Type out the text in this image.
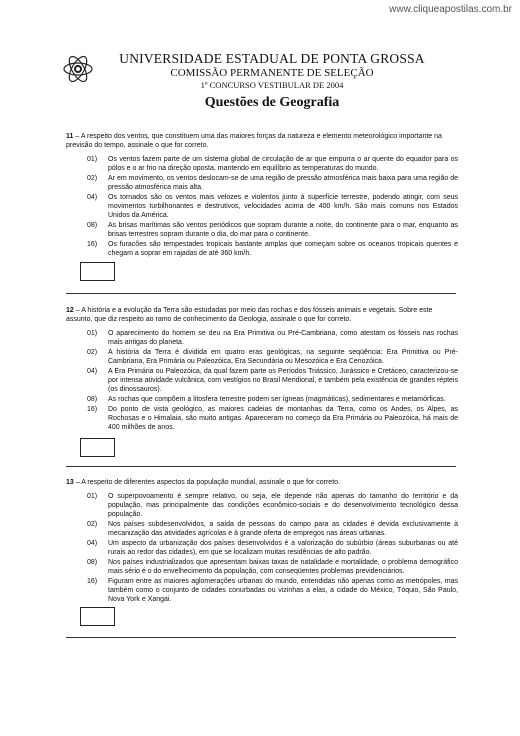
www.cliqueapostilas.com.br
UNIVERSIDADE ESTADUAL DE PONTA GROSSA
COMISSÃO PERMANENTE DE SELEÇÃO
1º CONCURSO VESTIBULAR DE 2004
Questões de Geografia

11 – A respeito dos ventos, que constituem uma das maiores forças da natureza e elemento meteorológico importante na previsão do tempo, assinale o que for correto.

01)	Os ventos fazem parte de um sistema global de circulação de ar que empurra o ar quente do equador para os pólos e o ar frio na direção oposta, mantendo em equilíbrio as temperaturas do mundo.
02)	Ar em movimento, os ventos deslocam-se de uma região de pressão atmosférica mais baixa para uma região de pressão atmosférica mais alta.
04)	Os tornados são os ventos mais velozes e violentos junto à superfície terrestre, podendo atingir, com seus movimentos turbilhonantes e destrutivos, velocidades acima de 400 km/h. São mais comuns nos Estados Unidos da América.
08)	As brisas marítimas são ventos periódicos que sopram durante a noite, do continente para o mar, enquanto as brisas terrestres sopram durante o dia, do mar para o continente.
16)	Os furacões são tempestades tropicais bastante amplas que começam sobre os oceanos tropicais quentes e chegam a soprar em rajadas de até 360 km/h.

12 – A história e a evolução da Terra são estudadas por meio das rochas e dos fósseis animais e vegetais. Sobre este assunto, que diz respeito ao ramo de conhecimento da Geologia, assinale o que for correto.

01)	O aparecimento do homem se deu na Era Primitiva ou Pré-Cambriana, como atestam os fósseis nas rochas mais antigas do planeta.
02)	A história da Terra é dividida em quatro eras geológicas, na seguinte seqüência: Era Primitiva ou Pré-Cambriana, Era Primária ou Paleozóica, Era Secundária ou Mesozóica e Era Cenozóica.
04)	A Era Primária ou Paleozóica, da qual fazem parte os Períodos Triássico, Jurássico e Cretáceo, caracterizou-se por intensa atividade vulcânica, com vestígios no Brasil Meridional, e também pela existência de grandes répteis (os dinossauros).
08)	As rochas que compõem a litosfera terrestre podem ser ígneas (magmáticas), sedimentares e metamórficas.
16)	Do ponto de vista geológico, as maiores cadeias de montanhas da Terra, como os Andes, os Alpes, as Rochosas e o Himalaia, são muito antigas. Apareceram no começo da Era Primária ou Paleozóica, há mais de 400 milhões de anos.

13 – A respeito de diferentes aspectos da população mundial, assinale o que for correto.

01)	O superpovoamento é sempre relativo, ou seja, ele depende não apenas do tamanho do território e da população, mas principalmente das condições econômico-sociais e do desenvolvimento tecnológico dessa população.
02)	Nos países subdesenvolvidos, a saída de pessoas do campo para as cidades é devida exclusivamente à mecanização das atividades agrícolas e à grande oferta de empregos nas áreas urbanas.
04)	Um aspecto da urbanização dos países desenvolvidos é a valorização do subúrbio (áreas suburbanas ou até rurais ao redor das cidades), em que se localizam muitas residências de alto padrão.
08)	Nos países industrializados que apresentam baixas taxas de natalidade e mortalidade, o problema demográfico mais sério é o do envelhecimento da população, com conseqüentes problemas previdenciários.
16)	Figuram entre as maiores aglomerações urbanas do mundo, entendidas não apenas como as metrópoles, mas também como o conjunto de cidades conurbadas ou vizinhas a elas, a cidade do México, Tóquio, São Paulo, Nova York e Xangai.
